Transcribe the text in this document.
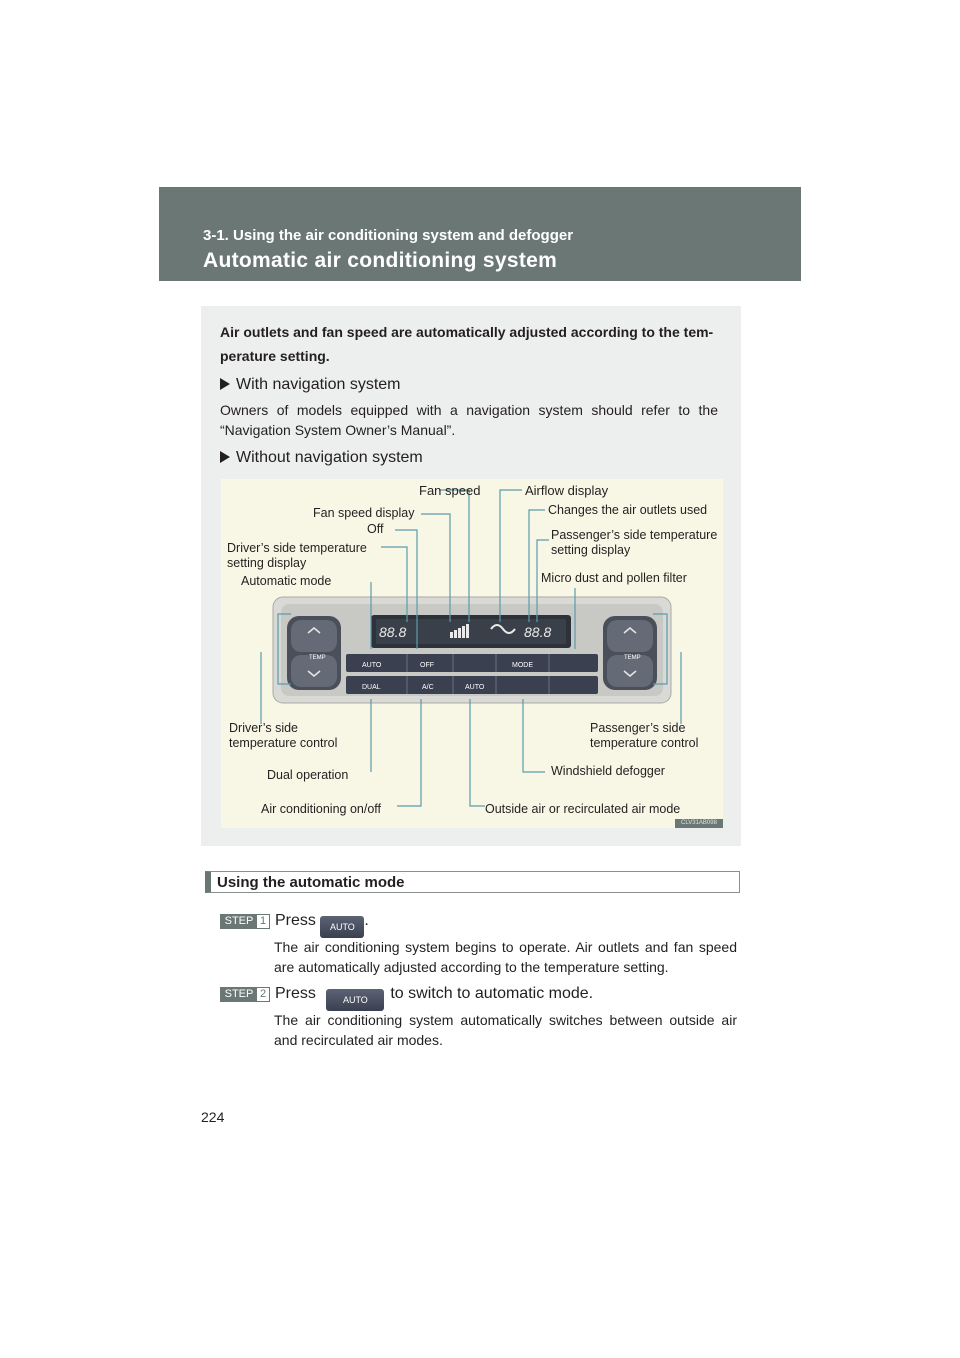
3-1. Using the air conditioning system and defogger
Automatic air conditioning system
Air outlets and fan speed are automatically adjusted according to the tem- perature setting.
With navigation system
Owners of models equipped with a navigation system should refer to the “Navigation System Owner’s Manual”.
Without navigation system
Fan speed	Airflow display
Fan speed display	Changes the air outlets used
Off	Passenger’s side temperature setting display
Driver’s side temperature setting display
Automatic mode	Micro dust and pollen filter
Driver’s side temperature control
Passenger’s side temperature control
Windshield defogger
Dual operation
Air conditioning on/off	Outside air or recirculated air mode
88.8	88.8
AUTO	OFF	MODE
DUAL	A/C	AUTO
TEMP	TEMP
CLV31AB098
Using the automatic mode
STEP 1 Press AUTO .
The air conditioning system begins to operate. Air outlets and fan speed are automatically adjusted according to the temperature setting.
STEP 2 Press	AUTO to switch to automatic mode.
The air conditioning system automatically switches between outside air and recirculated air modes.
224
